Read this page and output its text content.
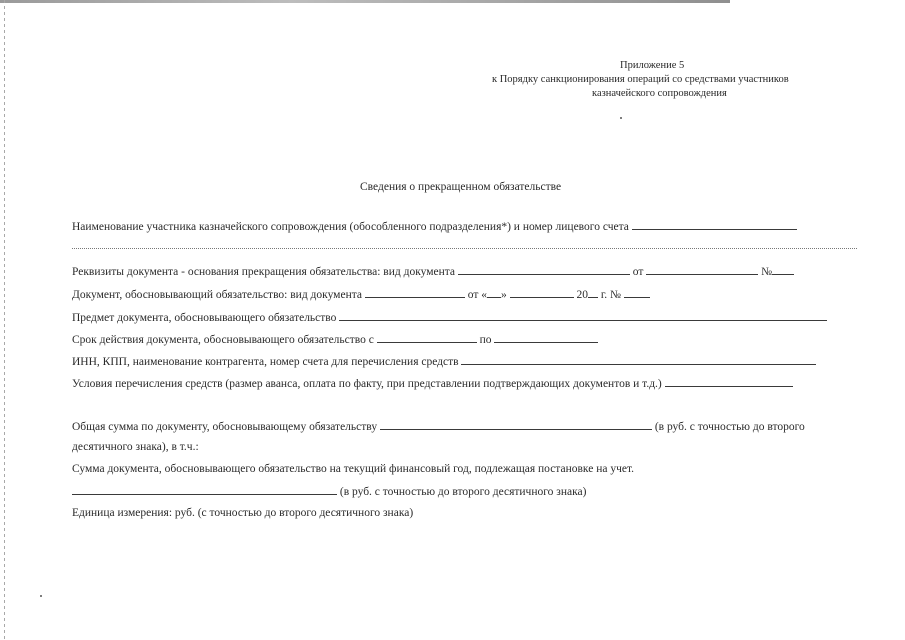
Приложение 5
к Порядку санкционирования операций со средствами участников
казначейского сопровождения
Сведения о прекращенном обязательстве
Наименование участника казначейского сопровождения (обособленного подразделения*) и номер лицевого счета
Реквизиты документа - основания прекращения обязательства: вид документа	от	№
Документ, обосновывающий обязательство: вид документа	от « »	20 г. №
Предмет документа, обосновывающего обязательство
Срок действия документа, обосновывающего обязательство с	по
ИНН, КПП, наименование контрагента, номер счета для перечисления средств
Условия перечисления средств (размер аванса, оплата по факту, при представлении подтверждающих документов и т.д.)
Общая сумма по документу, обосновывающему обязательству	(в руб. с точностью до второго
десятичного знака), в т.ч.:
Сумма документа, обосновывающего обязательство на текущий финансовый год, подлежащая постановке на учет.
(в руб. с точностью до второго десятичного знака)
Единица измерения: руб. (с точностью до второго десятичного знака)
